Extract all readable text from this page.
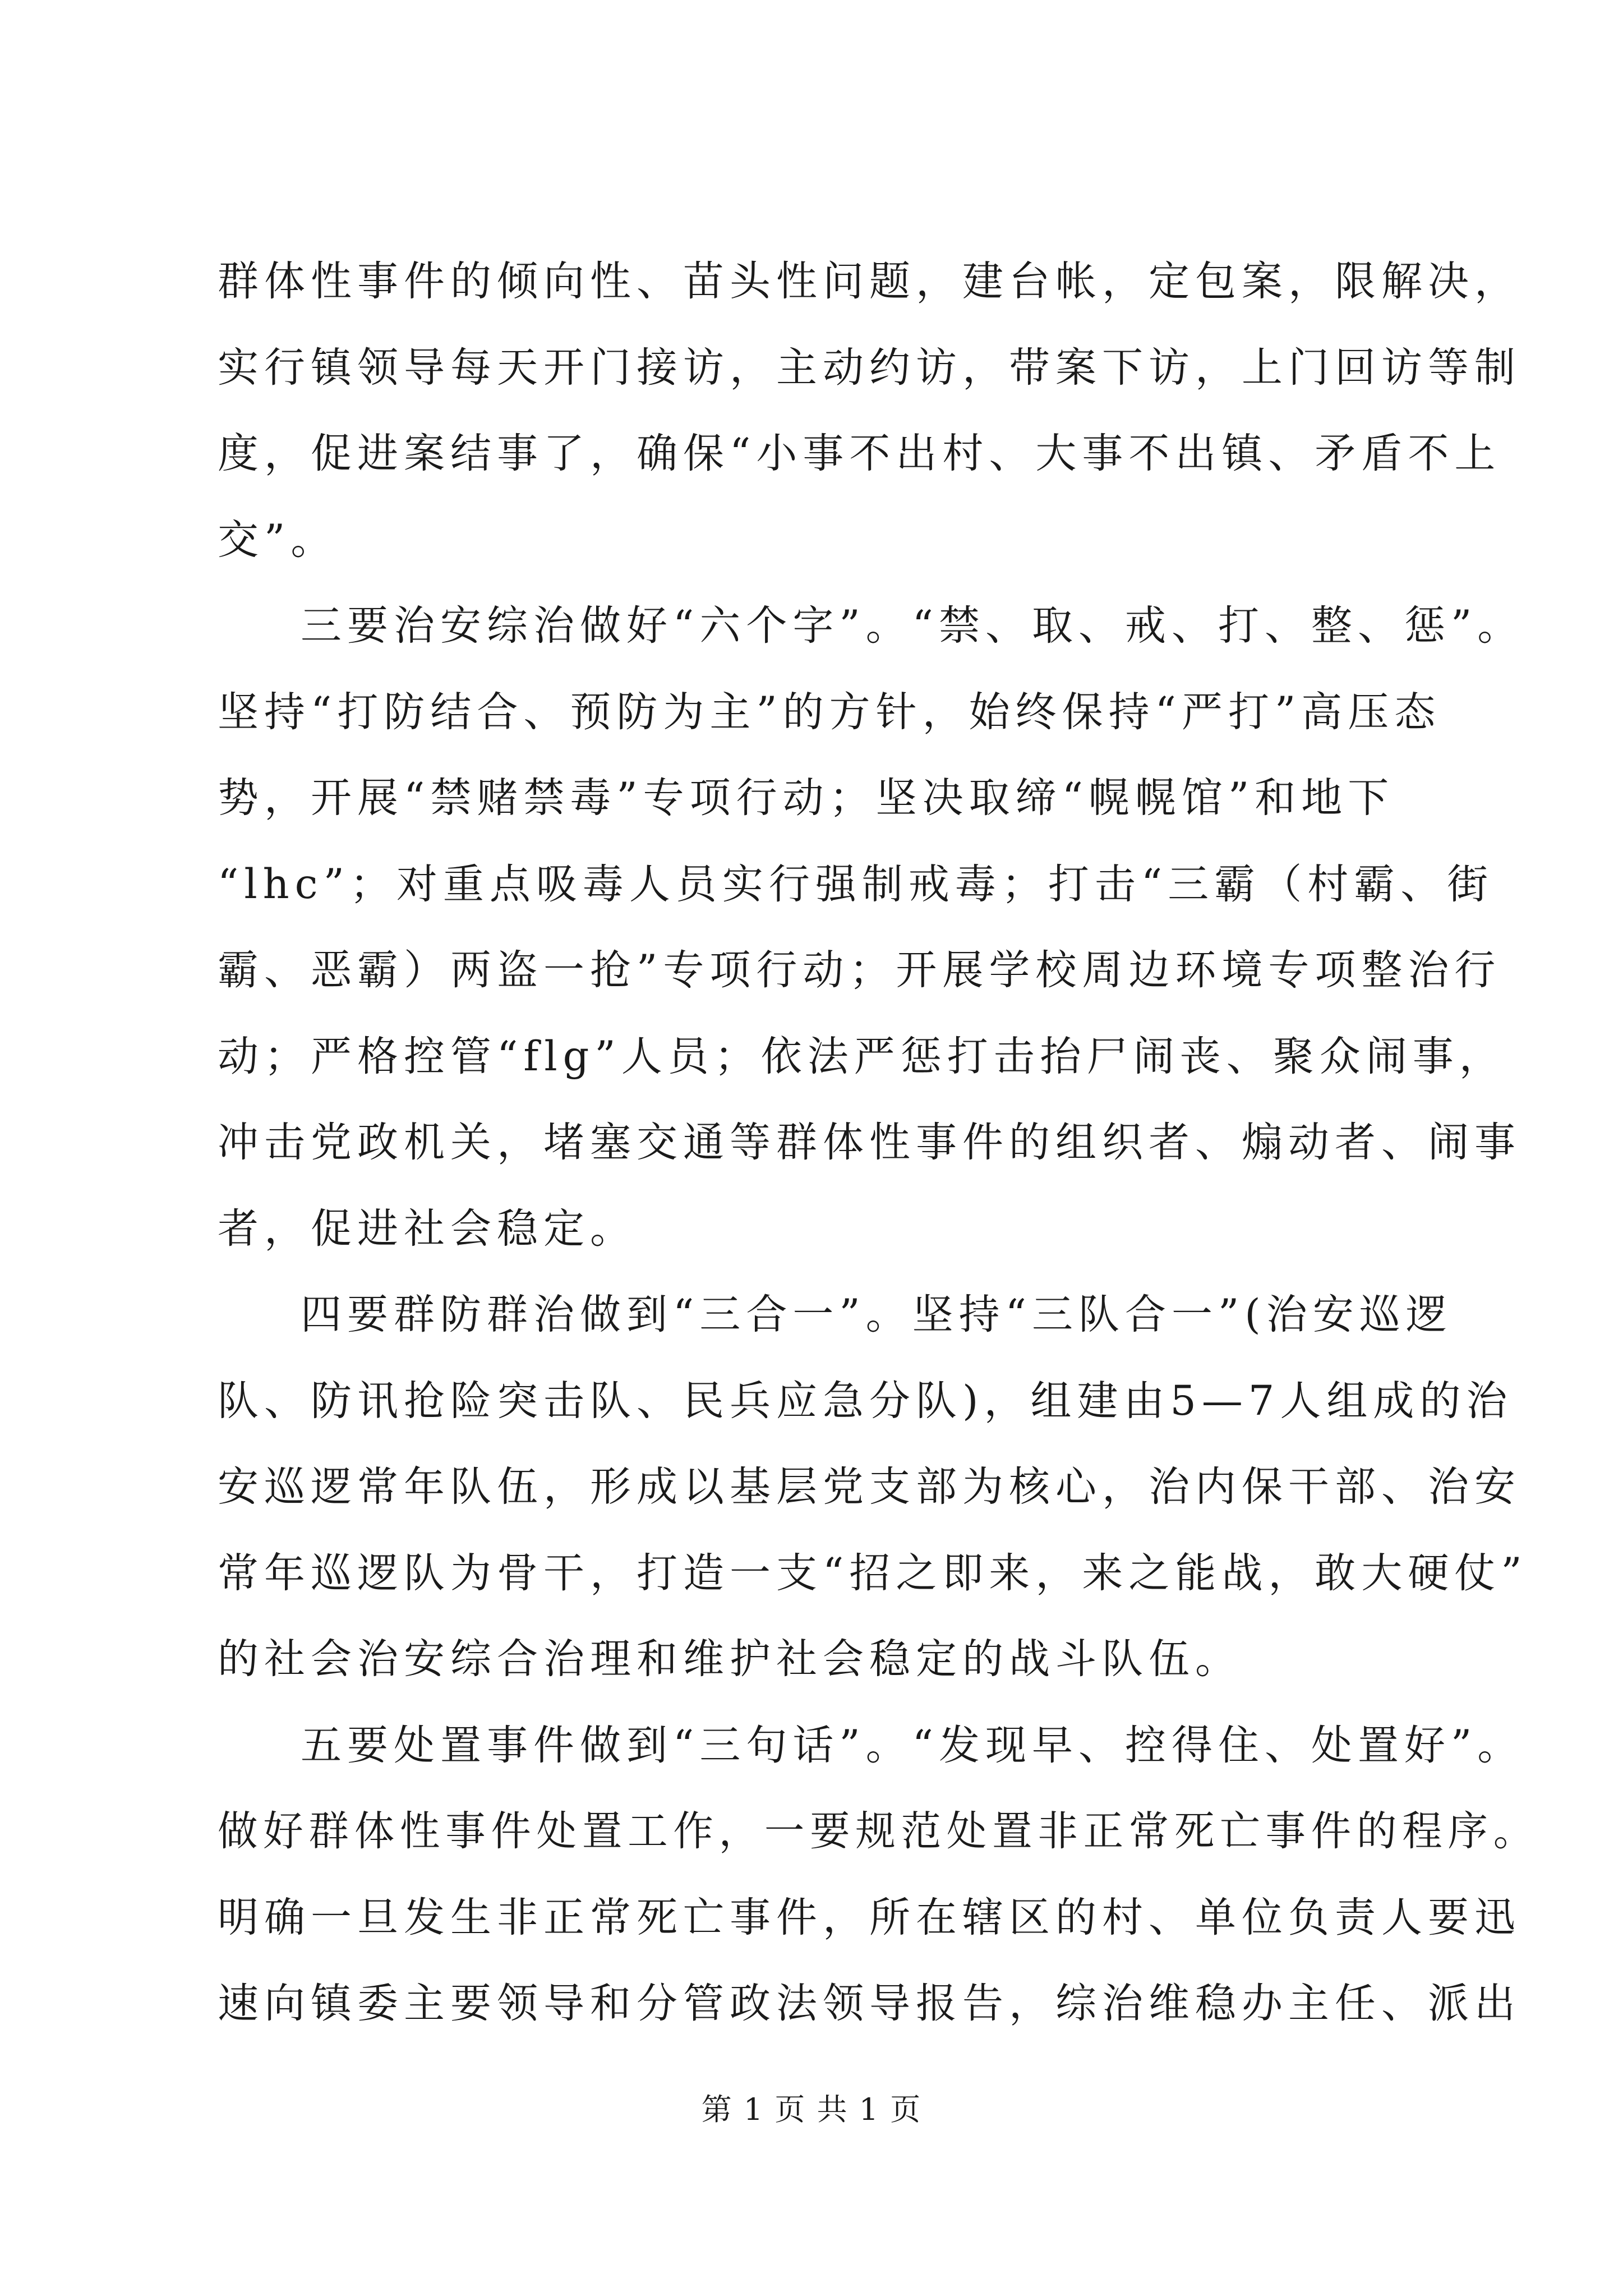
群体性事件的倾向性、苗头性问题，建台帐，定包案，限解决，
实行镇领导每天开门接访，主动约访，带案下访，上门回访等制
度，促进案结事了，确保“小事不出村、大事不出镇、矛盾不上
交”。
三要治安综治做好“六个字”。“禁、取、戒、打、整、惩”。
坚持“打防结合、预防为主”的方针，始终保持“严打”高压态
势，开展“禁赌禁毒”专项行动；坚决取缔“幌幌馆”和地下
“lhc”；对重点吸毒人员实行强制戒毒；打击“三霸（村霸、街
霸、恶霸）两盗一抢”专项行动；开展学校周边环境专项整治行
动；严格控管“flg”人员；依法严惩打击抬尸闹丧、聚众闹事，
冲击党政机关，堵塞交通等群体性事件的组织者、煽动者、闹事
者，促进社会稳定。
四要群防群治做到“三合一”。坚持“三队合一”(治安巡逻
队、防讯抢险突击队、民兵应急分队)，组建由5—7人组成的治
安巡逻常年队伍，形成以基层党支部为核心，治内保干部、治安
常年巡逻队为骨干，打造一支“招之即来，来之能战，敢大硬仗”
的社会治安综合治理和维护社会稳定的战斗队伍。
五要处置事件做到“三句话”。“发现早、控得住、处置好”。
做好群体性事件处置工作，一要规范处置非正常死亡事件的程序。
明确一旦发生非正常死亡事件，所在辖区的村、单位负责人要迅
速向镇委主要领导和分管政法领导报告，综治维稳办主任、派出
第 1 页 共 1 页
